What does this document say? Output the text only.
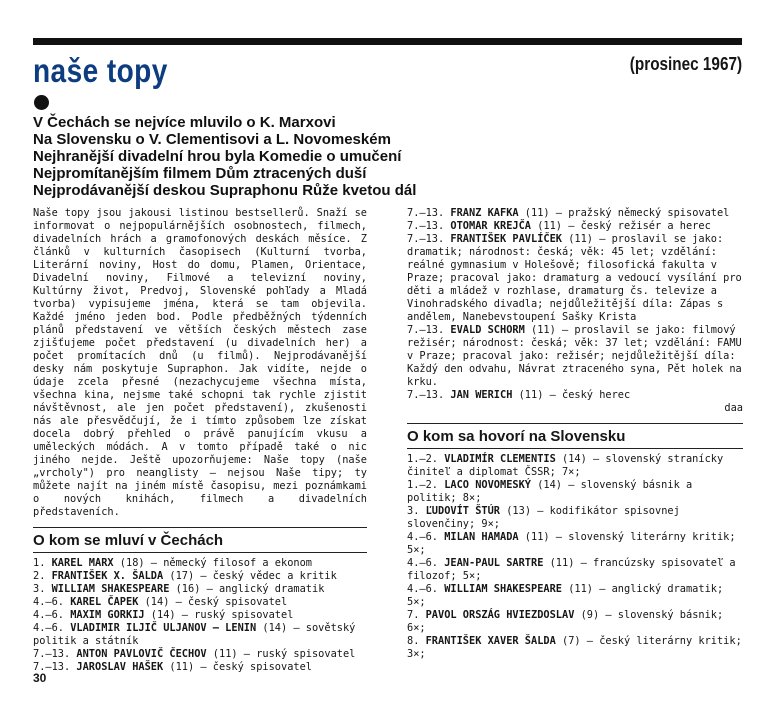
naše topy	(prosinec 1967)
V Čechách se nejvíce mluvilo o K. Marxovi
Na Slovensku o V. Clementisovi a L. Novomeském
Nejhranější divadelní hrou byla Komedie o umučení
Nejpromítanějším filmem Dům ztracených duší
Nejprodávanější deskou Supraphonu Růže kvetou dál

Naše topy jsou jakousi listinou bestsellerů. Snaží se informovat o nejpopulárnějších osobnostech, filmech, divadelních hrách a gramofonových deskách měsíce. Z článků v kulturních časopisech (Kulturní tvorba, Literární noviny, Host do domu, Plamen, Orientace, Divadelní noviny, Filmové a televizní noviny, Kultúrny život, Predvoj, Slovenské pohľady a Mladá tvorba) vypisujeme jména, která se tam objevila. Každé jméno jeden bod. Podle předběžných týdenních plánů představení ve větších českých městech zase zjišťujeme počet představení (u divadelních her) a počet promítacích dnů (u filmů). Nejprodávanější desky nám poskytuje Supraphon. Jak vidíte, nejde o údaje zcela přesné (nezachycujeme všechna místa, všechna kina, nejsme také schopni tak rychle zjistit návštěvnost, ale jen počet představení), zkušenosti nás ale přesvědčují, že i tímto způsobem lze získat docela dobrý přehled o právě panujícím vkusu a uměleckých módách. A v tomto případě také o nic jiného nejde. Ještě upozorňujeme: Naše topy (naše „vrcholy") pro neanglisty — nejsou Naše tipy; ty můžete najít na jiném místě časopisu, mezi poznámkami o nových knihách, filmech a divadelních představeních.

O kom se mluví v Čechách
1. KAREL MARX (18) — německý filosof a ekonom
2. FRANTIŠEK X. ŠALDA (17) — český vědec a kritik
3. WILLIAM SHAKESPEARE (16) — anglický dramatik
4.—6. KAREL ČAPEK (14) — český spisovatel
4.—6. MAXIM GORKIJ (14) — ruský spisovatel
4.—6. VLADIMIR ILJIČ ULJANOV — LENIN (14) — sovětský politik a státník
7.—13. ANTON PAVLOVIČ ČECHOV (11) — ruský spisovatel
7.—13. JAROSLAV HAŠEK (11) — český spisovatel
7.—13. FRANZ KAFKA (11) — pražský německý spisovatel
7.—13. OTOMAR KREJČA (11) — český režisér a herec
7.—13. FRANTIŠEK PAVLÍČEK (11) — proslavil se jako: dramatik; národnost: česká; věk: 45 let; vzdělání: reálné gymnasium v Holešově; filosofická fakulta v Praze; pracoval jako: dramaturg a vedoucí vysílání pro děti a mládež v rozhlase, dramaturg čs. televize a Vinohradského divadla; nejdůležitější díla: Zápas s andělem, Nanebevstoupení Sašky Krista
7.—13. EVALD SCHORM (11) — proslavil se jako: filmový režisér; národnost: česká; věk: 37 let; vzdělání: FAMU v Praze; pracoval jako: režisér; nejdůležitější díla: Každý den odvahu, Návrat ztraceného syna, Pět holek na krku.
7.—13. JAN WERICH (11) — český herec

daa

O kom sa hovorí na Slovensku
1.—2. VLADIMÍR CLEMENTIS (14) — slovenský stranícky činiteľ a diplomat ČSSR; 7×;
1.—2. LACO NOVOMESKÝ (14) — slovenský básnik a politik; 8×;
3. ĽUDOVÍT ŠTÚR (13) — kodifikátor spisovnej slovenčiny; 9×;
4.—6. MILAN HAMADA (11) — slovenský literárny kritik; 5×;
4.—6. JEAN-PAUL SARTRE (11) — francúzsky spisovateľ a filozof; 5×;
4.—6. WILLIAM SHAKESPEARE (11) — anglický dramatik; 5×;
7. PAVOL ORSZÁG HVIEZDOSLAV (9) — slovenský básnik; 6×;
8. FRANTIŠEK XAVER ŠALDA (7) — český literárny kritik; 3×;
30
